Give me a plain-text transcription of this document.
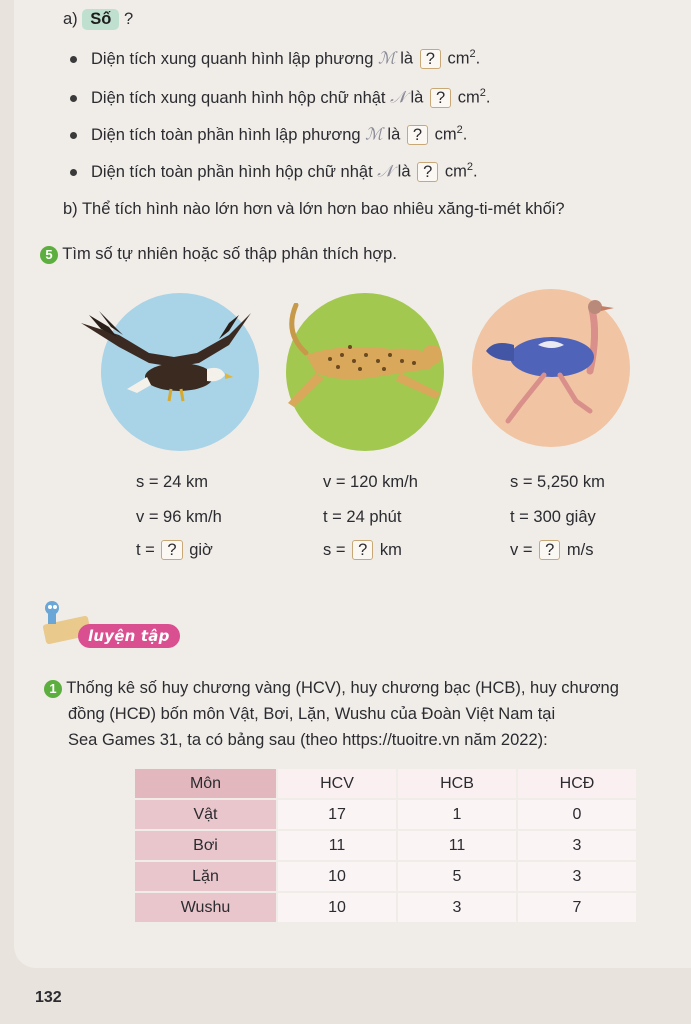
a) Số ?
Diện tích xung quanh hình lập phương ℳ là ? $cm^2$.
Diện tích xung quanh hình hộp chữ nhật 𝒩 là ? $cm^2$.
Diện tích toàn phần hình lập phương ℳ là ? $cm^2$.
Diện tích toàn phần hình hộp chữ nhật 𝒩 là ? $cm^2$.
b) Thể tích hình nào lớn hơn và lớn hơn bao nhiêu xăng-ti-mét khối?
5 Tìm số tự nhiên hoặc số thập phân thích hợp.
s = 24 km
v = 96 km/h
t = ? giờ
v = 120 km/h
t = 24 phút
s = ? km
s = 5,250 km
t = 300 giây
v = ? m/s
luyện tập
1 Thống kê số huy chương vàng (HCV), huy chương bạc (HCB), huy chương
đồng (HCĐ) bốn môn Vật, Bơi, Lặn, Wushu của Đoàn Việt Nam tại
Sea Games 31, ta có bảng sau (theo https://tuoitre.vn năm 2022):
Môn	HCV	HCB	HCĐ
Vật	17	1	0
Bơi	11	11	3
Lặn	10	5	3
Wushu	10	3	7
132
